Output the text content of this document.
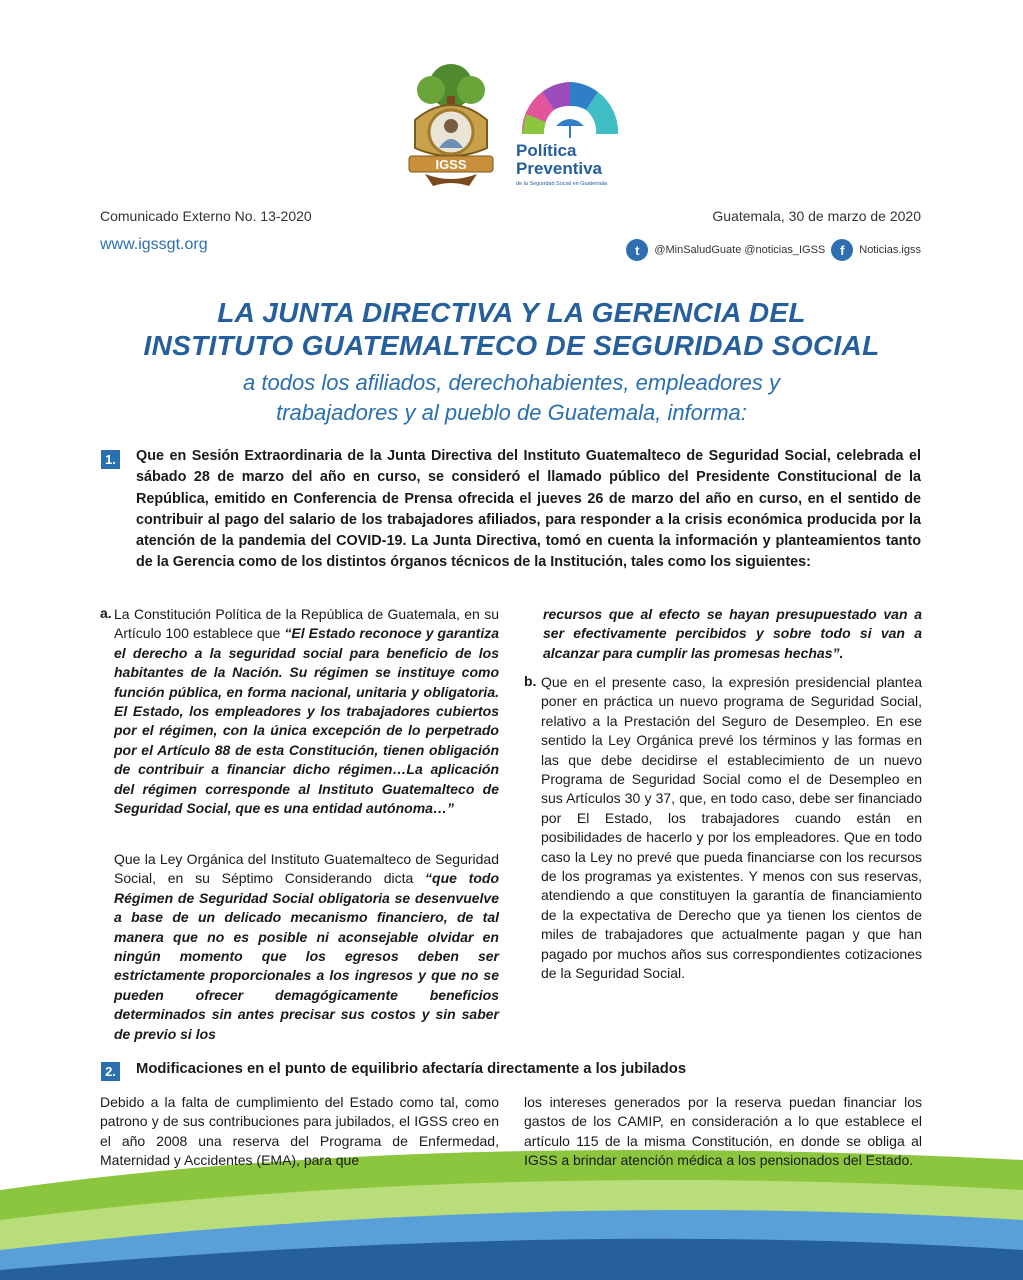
IGSS
Política
Preventiva
de la Seguridad Social en Guatemala
Comunicado Externo No. 13-2020	Guatemala, 30 de marzo de 2020
www.igssgt.org	t	@MinSaludGuate @noticias_IGSS	f	Noticias.igss
LA JUNTA DIRECTIVA Y LA GERENCIA DEL
INSTITUTO GUATEMALTECO DE SEGURIDAD SOCIAL
a todos los afiliados, derechohabientes, empleadores y
trabajadores y al pueblo de Guatemala, informa:
1. Que en Sesión Extraordinaria de la Junta Directiva del Instituto Guatemalteco de Seguridad Social, celebrada el sábado 28 de marzo del año en curso, se consideró el llamado público del Presidente Constitucional de la República, emitido en Conferencia de Prensa ofrecida el jueves 26 de marzo del año en curso, en el sentido de contribuir al pago del salario de los trabajadores afiliados, para responder a la crisis económica producida por la atención de la pandemia del COVID-19. La Junta Directiva, tomó en cuenta la información y planteamientos tanto de la Gerencia como de los distintos órganos técnicos de la Institución, tales como los siguientes:
a. La Constitución Política de la República de Guatemala, en su Artículo 100 establece que “El Estado reconoce y garantiza el derecho a la seguridad social para beneficio de los habitantes de la Nación. Su régimen se instituye como función pública, en forma nacional, unitaria y obligatoria. El Estado, los empleadores y los trabajadores cubiertos por el régimen, con la única excepción de lo perpetrado por el Artículo 88 de esta Constitución, tienen obligación de contribuir a financiar dicho régimen…La aplicación del régimen corresponde al Instituto Guatemalteco de Seguridad Social, que es una entidad autónoma…”
Que la Ley Orgánica del Instituto Guatemalteco de Seguridad Social, en su Séptimo Considerando dicta “que todo Régimen de Seguridad Social obligatoria se desenvuelve a base de un delicado mecanismo financiero, de tal manera que no es posible ni aconsejable olvidar en ningún momento que los egresos deben ser estrictamente proporcionales a los ingresos y que no se pueden ofrecer demagógicamente beneficios determinados sin antes precisar sus costos y sin saber de previo si los
recursos que al efecto se hayan presupuestado van a ser efectivamente percibidos y sobre todo si van a alcanzar para cumplir las promesas hechas”.
b. Que en el presente caso, la expresión presidencial plantea poner en práctica un nuevo programa de Seguridad Social, relativo a la Prestación del Seguro de Desempleo. En ese sentido la Ley Orgánica prevé los términos y las formas en las que debe decidirse el establecimiento de un nuevo Programa de Seguridad Social como el de Desempleo en sus Artículos 30 y 37, que, en todo caso, debe ser financiado por El Estado, los trabajadores cuando están en posibilidades de hacerlo y por los empleadores. Que en todo caso la Ley no prevé que pueda financiarse con los recursos de los programas ya existentes. Y menos con sus reservas, atendiendo a que constituyen la garantía de financiamiento de la expectativa de Derecho que ya tienen los cientos de miles de trabajadores que actualmente pagan y que han pagado por muchos años sus correspondientes cotizaciones de la Seguridad Social.
2. Modificaciones en el punto de equilibrio afectaría directamente a los jubilados
Debido a la falta de cumplimiento del Estado como tal, como patrono y de sus contribuciones para jubilados, el IGSS creo en el año 2008 una reserva del Programa de Enfermedad, Maternidad y Accidentes (EMA), para que
los intereses generados por la reserva puedan financiar los gastos de los CAMIP, en consideración a lo que establece el artículo 115 de la misma Constitución, en donde se obliga al IGSS a brindar atención médica a los pensionados del Estado.
